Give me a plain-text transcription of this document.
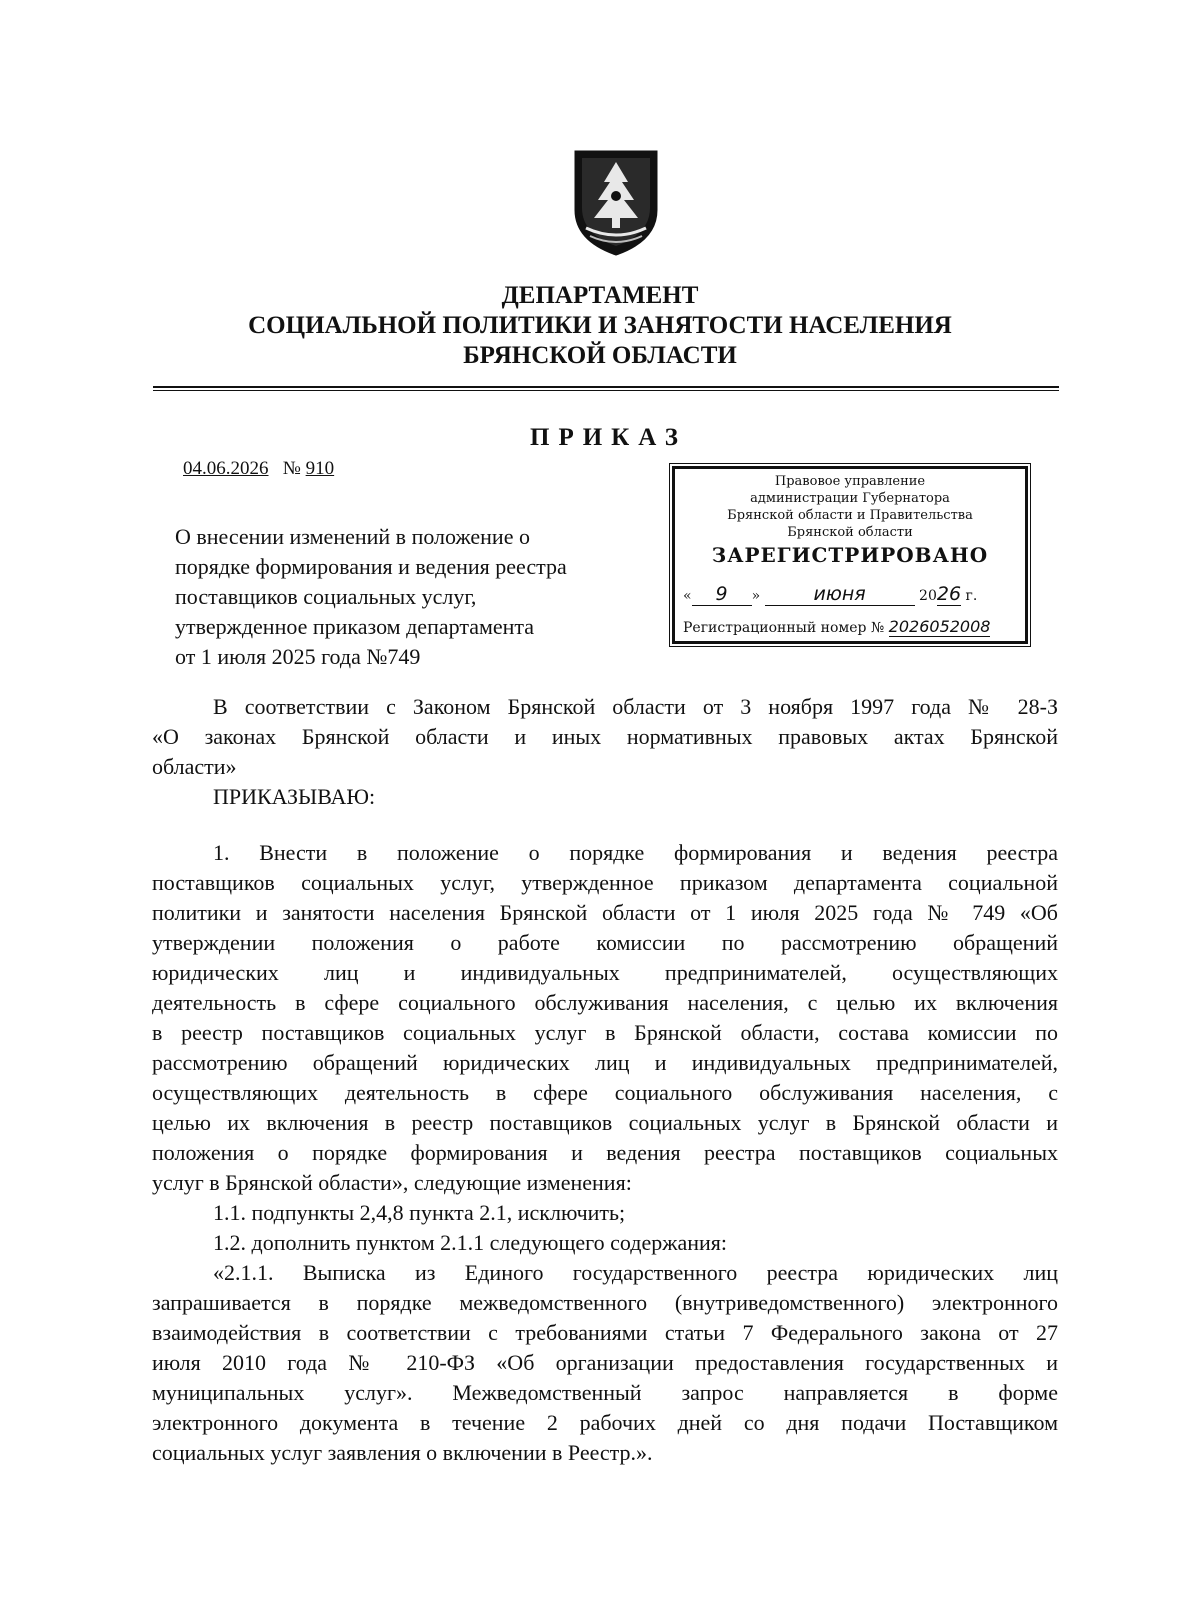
ДЕПАРТАМЕНТ
СОЦИАЛЬНОЙ ПОЛИТИКИ И ЗАНЯТОСТИ НАСЕЛЕНИЯ
БРЯНСКОЙ ОБЛАСТИ
ПРИКАЗ
04.06.2026 № 910
О внесении изменений в положение о
порядке формирования и ведения реестра
поставщиков социальных услуг,
утвержденное приказом департамента
от 1 июля 2025 года №749
Правовое управление
администрации Губернатора
Брянской области и Правительства
Брянской области
ЗАРЕГИСТРИРОВАНО
« 9 »	июня	2026 г.
Регистрационный номер № 2026052008

В соответствии с Законом Брянской области от 3 ноября 1997 года № 28-З

«О законах Брянской области и иных нормативных правовых актах Брянской

области»

ПРИКАЗЫВАЮ:

1. Внести в положение о порядке формирования и ведения реестра

поставщиков социальных услуг, утвержденное приказом департамента социальной

политики и занятости населения Брянской области от 1 июля 2025 года № 749 «Об

утверждении положения о работе комиссии по рассмотрению обращений

юридических лиц и индивидуальных предпринимателей, осуществляющих

деятельность в сфере социального обслуживания населения, с целью их включения

в реестр поставщиков социальных услуг в Брянской области, состава комиссии по

рассмотрению обращений юридических лиц и индивидуальных предпринимателей,

осуществляющих деятельность в сфере социального обслуживания населения, с

целью их включения в реестр поставщиков социальных услуг в Брянской области и

положения о порядке формирования и ведения реестра поставщиков социальных

услуг в Брянской области», следующие изменения:

1.1. подпункты 2,4,8 пункта 2.1, исключить;

1.2. дополнить пунктом 2.1.1 следующего содержания:

«2.1.1. Выписка из Единого государственного реестра юридических лиц

запрашивается в порядке межведомственного (внутриведомственного) электронного

взаимодействия в соответствии с требованиями статьи 7 Федерального закона от 27

июля 2010 года № 210-ФЗ «Об организации предоставления государственных и

муниципальных услуг». Межведомственный запрос направляется в форме

электронного документа в течение 2 рабочих дней со дня подачи Поставщиком

социальных услуг заявления о включении в Реестр.».
